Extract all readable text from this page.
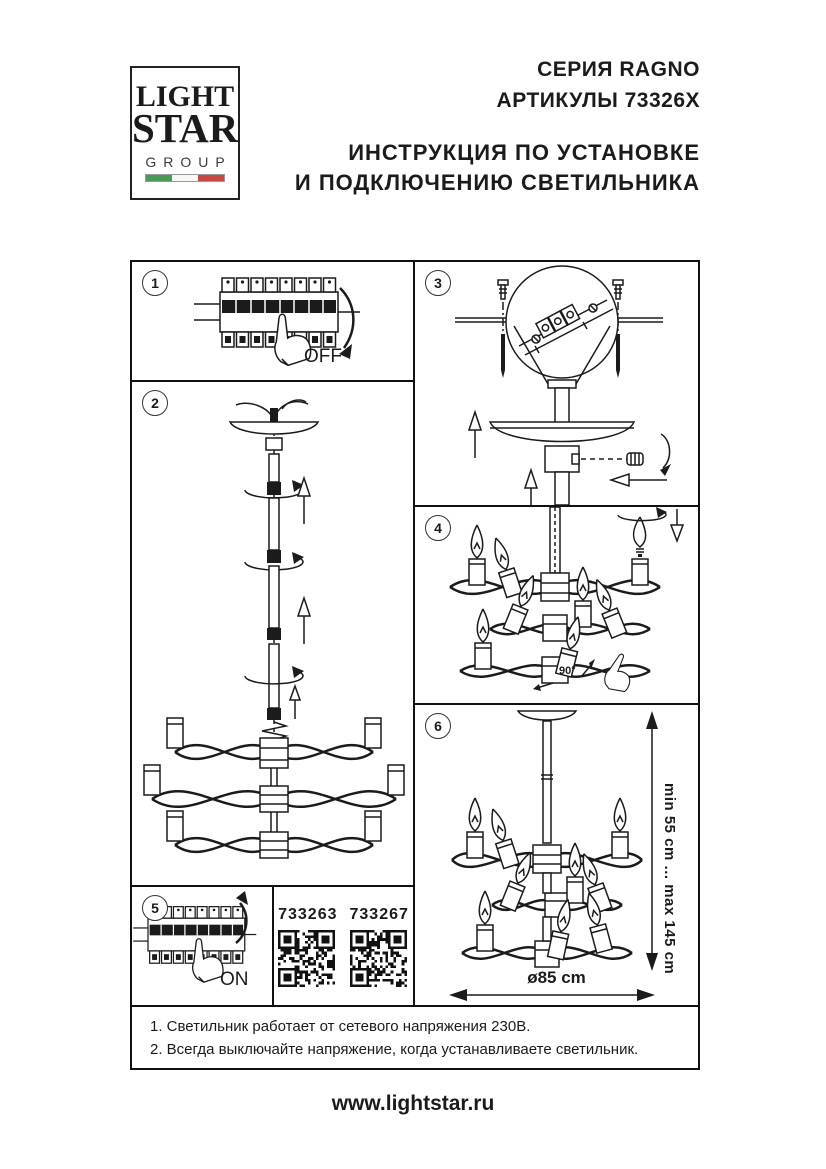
LIGHT
STAR
GROUP
СЕРИЯ RAGNO
АРТИКУЛЫ 73326X
ИНСТРУКЦИЯ ПО УСТАНОВКЕ
И ПОДКЛЮЧЕНИЮ СВЕТИЛЬНИКА
1
OFF
2
5
ON
733263 733267
3
4
90°
6
min 55 cm ... max 145 cm
ø85 cm
1. Светильник работает от сетевого напряжения 230В.
2. Всегда выключайте напряжение, когда устанавливаете светильник.
www.lightstar.ru
